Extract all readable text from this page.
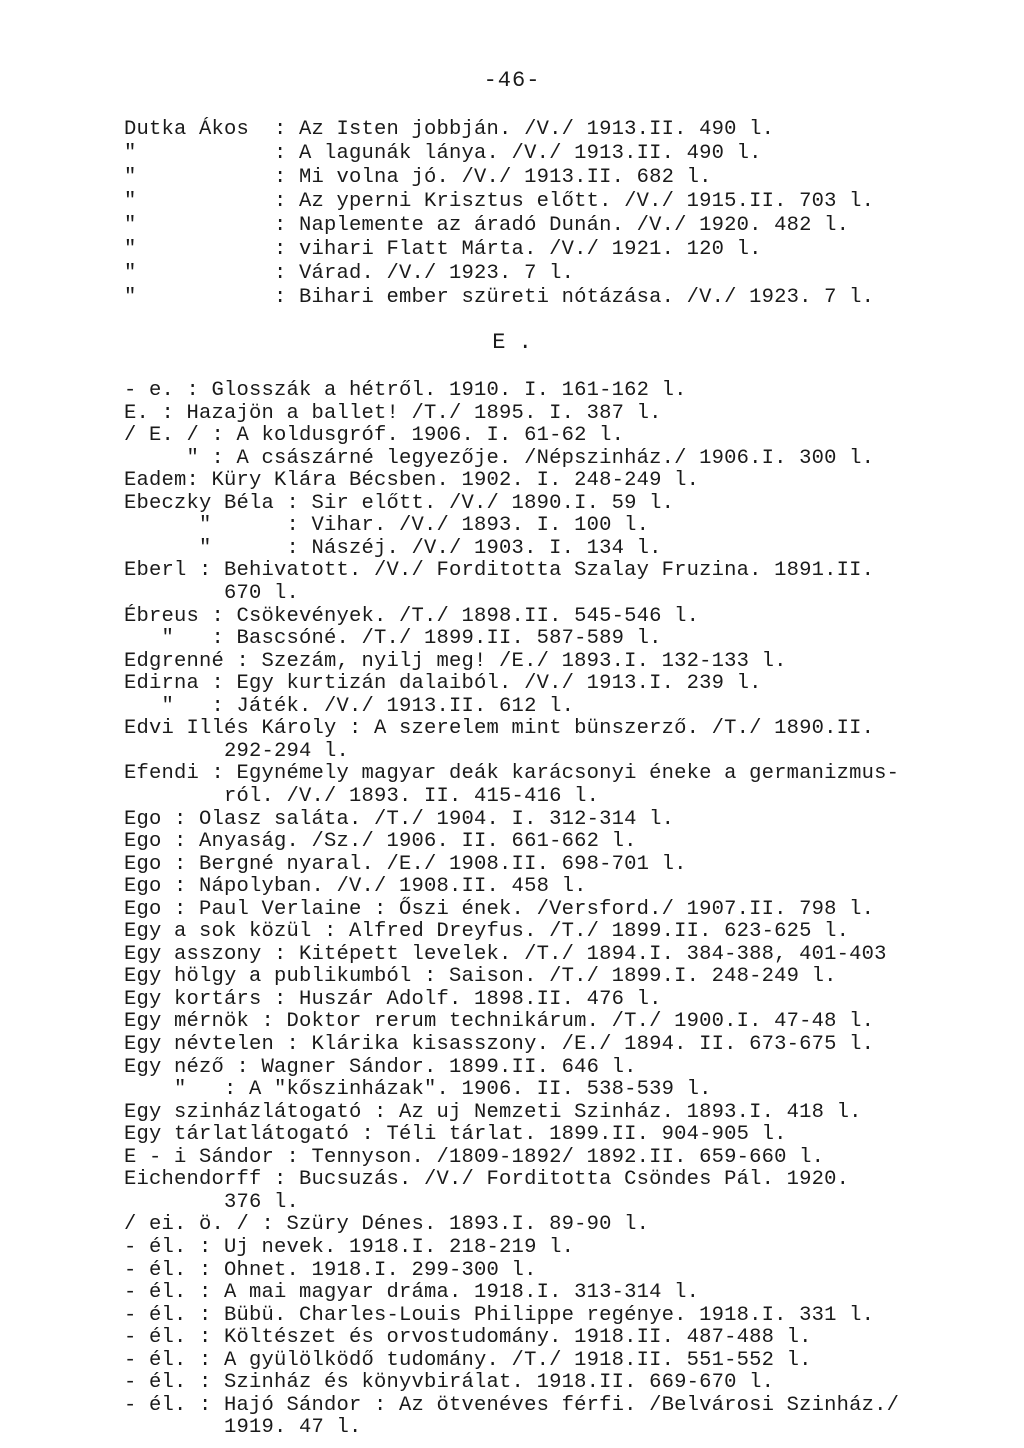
-46-
Dutka Ákos  : Az Isten jobbján. /V./ 1913.II. 490 l.
"           : A lagunák lánya. /V./ 1913.II. 490 l.
"           : Mi volna jó. /V./ 1913.II. 682 l.
"           : Az yperni Krisztus előtt. /V./ 1915.II. 703 l.
"           : Naplemente az áradó Dunán. /V./ 1920. 482 l.
"           : vihari Flatt Márta. /V./ 1921. 120 l.
"           : Várad. /V./ 1923. 7 l.
"           : Bihari ember szüreti nótázása. /V./ 1923. 7 l.
E .
- e. : Glosszák a hétről. 1910. I. 161-162 l.
E. : Hazajön a ballet! /T./ 1895. I. 387 l.
/ E. / : A koldusgróf. 1906. I. 61-62 l.
" : A császárné legyezője. /Népszinház./ 1906.I. 300 l.
Eadem: Küry Klára Bécsben. 1902. I. 248-249 l.
Ebeczky Béla : Sir előtt. /V./ 1890.I. 59 l.
"      : Vihar. /V./ 1893. I. 100 l.
"      : Nászéj. /V./ 1903. I. 134 l.
Eberl : Behivatott. /V./ Forditotta Szalay Fruzina. 1891.II.
670 l.
Ébreus : Csökevények. /T./ 1898.II. 545-546 l.
"   : Bascsóné. /T./ 1899.II. 587-589 l.
Edgrenné : Szezám, nyilj meg! /E./ 1893.I. 132-133 l.
Edirna : Egy kurtizán dalaiból. /V./ 1913.I. 239 l.
"   : Játék. /V./ 1913.II. 612 l.
Edvi Illés Károly : A szerelem mint bünszerző. /T./ 1890.II.
292-294 l.
Efendi : Egynémely magyar deák karácsonyi éneke a germanizmus-
ról. /V./ 1893. II. 415-416 l.
Ego : Olasz saláta. /T./ 1904. I. 312-314 l.
Ego : Anyaság. /Sz./ 1906. II. 661-662 l.
Ego : Bergné nyaral. /E./ 1908.II. 698-701 l.
Ego : Nápolyban. /V./ 1908.II. 458 l.
Ego : Paul Verlaine : Őszi ének. /Versford./ 1907.II. 798 l.
Egy a sok közül : Alfred Dreyfus. /T./ 1899.II. 623-625 l.
Egy asszony : Kitépett levelek. /T./ 1894.I. 384-388, 401-403
Egy hölgy a publikumból : Saison. /T./ 1899.I. 248-249 l.
Egy kortárs : Huszár Adolf. 1898.II. 476 l.
Egy mérnök : Doktor rerum technikárum. /T./ 1900.I. 47-48 l.
Egy névtelen : Klárika kisasszony. /E./ 1894. II. 673-675 l.
Egy néző : Wagner Sándor. 1899.II. 646 l.
"   : A "kőszinházak". 1906. II. 538-539 l.
Egy szinházlátogató : Az uj Nemzeti Szinház. 1893.I. 418 l.
Egy tárlatlátogató : Téli tárlat. 1899.II. 904-905 l.
E - i Sándor : Tennyson. /1809-1892/ 1892.II. 659-660 l.
Eichendorff : Bucsuzás. /V./ Forditotta Csöndes Pál. 1920.
376 l.
/ ei. ö. / : Szüry Dénes. 1893.I. 89-90 l.
- él. : Uj nevek. 1918.I. 218-219 l.
- él. : Ohnet. 1918.I. 299-300 l.
- él. : A mai magyar dráma. 1918.I. 313-314 l.
- él. : Bübü. Charles-Louis Philippe regénye. 1918.I. 331 l.
- él. : Költészet és orvostudomány. 1918.II. 487-488 l.
- él. : A gyülölködő tudomány. /T./ 1918.II. 551-552 l.
- él. : Szinház és könyvbirálat. 1918.II. 669-670 l.
- él. : Hajó Sándor : Az ötvenéves férfi. /Belvárosi Szinház./
1919. 47 l.
